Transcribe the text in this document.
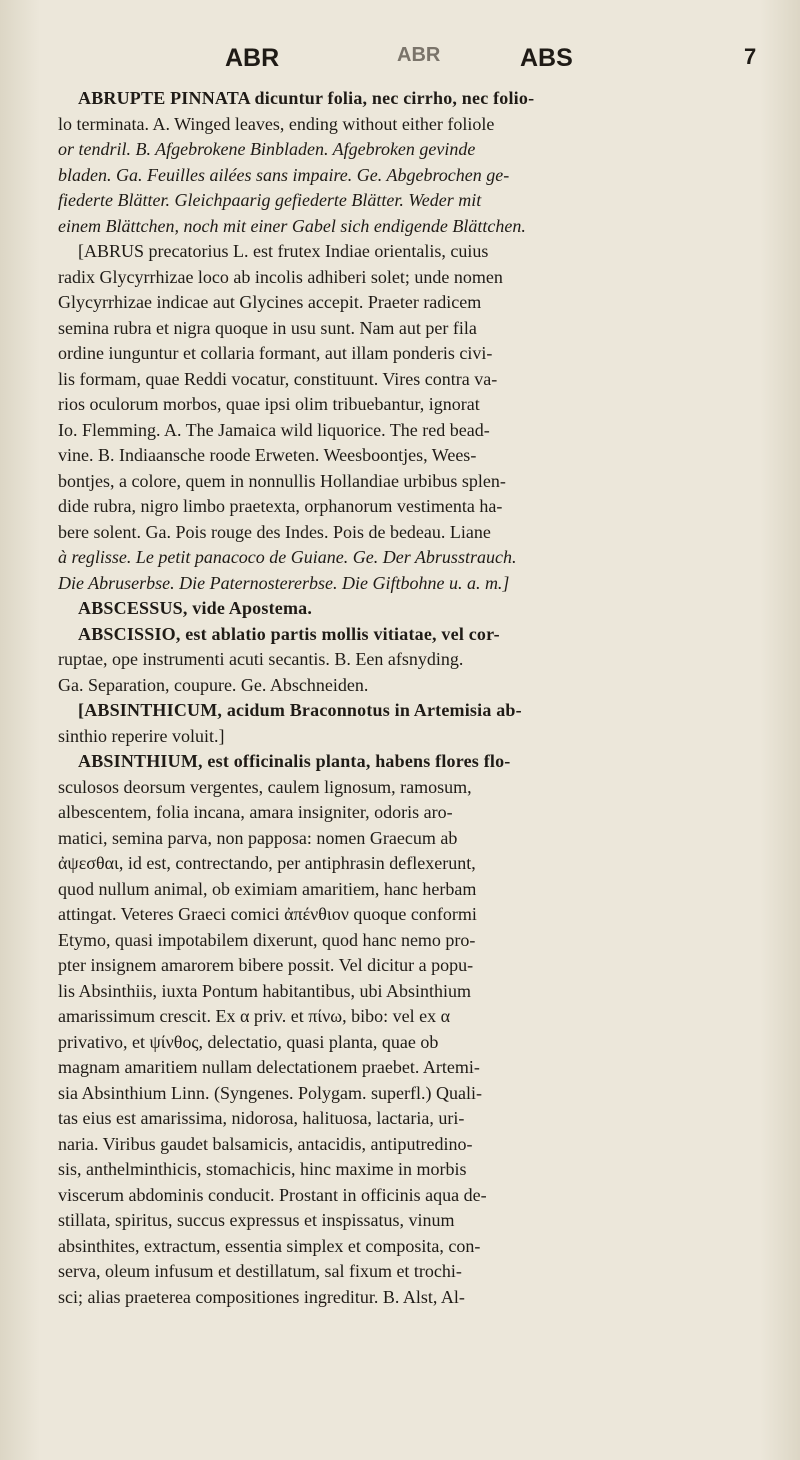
ABR	ABR	ABS	7
ABRUPTE PINNATA dicuntur folia, nec cirrho, nec folio-
lo terminata. A. Winged leaves, ending without either foliole
or tendril. B. Afgebrokene Binbladen. Afgebroken gevinde
bladen. Ga. Feuilles ailées sans impaire. Ge. Abgebrochen ge-
fiederte Blätter. Gleichpaarig gefiederte Blätter. Weder mit
einem Blättchen, noch mit einer Gabel sich endigende Blättchen.
[ABRUS precatorius L. est frutex Indiae orientalis, cuius
radix Glycyrrhizae loco ab incolis adhiberi solet; unde nomen
Glycyrrhizae indicae aut Glycines accepit. Praeter radicem
semina rubra et nigra quoque in usu sunt. Nam aut per fila
ordine iunguntur et collaria formant, aut illam ponderis civi-
lis formam, quae Reddi vocatur, constituunt. Vires contra va-
rios oculorum morbos, quae ipsi olim tribuebantur, ignorat
Io. Flemming. A. The Jamaica wild liquorice. The red bead-
vine. B. Indiaansche roode Erweten. Weesboontjes, Wees-
bontjes, a colore, quem in nonnullis Hollandiae urbibus splen-
dide rubra, nigro limbo praetexta, orphanorum vestimenta ha-
bere solent. Ga. Pois rouge des Indes. Pois de bedeau. Liane
à reglisse. Le petit panacoco de Guiane. Ge. Der Abrusstrauch.
Die Abruserbse. Die Paternostererbse. Die Giftbohne u. a. m.]
ABSCESSUS, vide Apostema.
ABSCISSIO, est ablatio partis mollis vitiatae, vel cor-
ruptae, ope instrumenti acuti secantis. B. Een afsnyding.
Ga. Separation, coupure. Ge. Abschneiden.
[ABSINTHICUM, acidum Braconnotus in Artemisia ab-
sinthio reperire voluit.]
ABSINTHIUM, est officinalis planta, habens flores flo-
sculosos deorsum vergentes, caulem lignosum, ramosum,
albescentem, folia incana, amara insigniter, odoris aro-
matici, semina parva, non papposa: nomen Graecum ab
ἀψεσθαι, id est, contrectando, per antiphrasin deflexerunt,
quod nullum animal, ob eximiam amaritiem, hanc herbam
attingat. Veteres Graeci comici ἀπένθιον quoque conformi
Etymo, quasi impotabilem dixerunt, quod hanc nemo pro-
pter insignem amarorem bibere possit. Vel dicitur a popu-
lis Absinthiis, iuxta Pontum habitantibus, ubi Absinthium
amarissimum crescit. Ex α priv. et πίνω, bibo: vel ex α
privativo, et ψίνθος, delectatio, quasi planta, quae ob
magnam amaritiem nullam delectationem praebet. Artemi-
sia Absinthium Linn. (Syngenes. Polygam. superfl.) Quali-
tas eius est amarissima, nidorosa, halituosa, lactaria, uri-
naria. Viribus gaudet balsamicis, antacidis, antiputredino-
sis, anthelminthicis, stomachicis, hinc maxime in morbis
viscerum abdominis conducit. Prostant in officinis aqua de-
stillata, spiritus, succus expressus et inspissatus, vinum
absinthites, extractum, essentia simplex et composita, con-
serva, oleum infusum et destillatum, sal fixum et trochi-
sci; alias praeterea compositiones ingreditur. B. Alst, Al-
